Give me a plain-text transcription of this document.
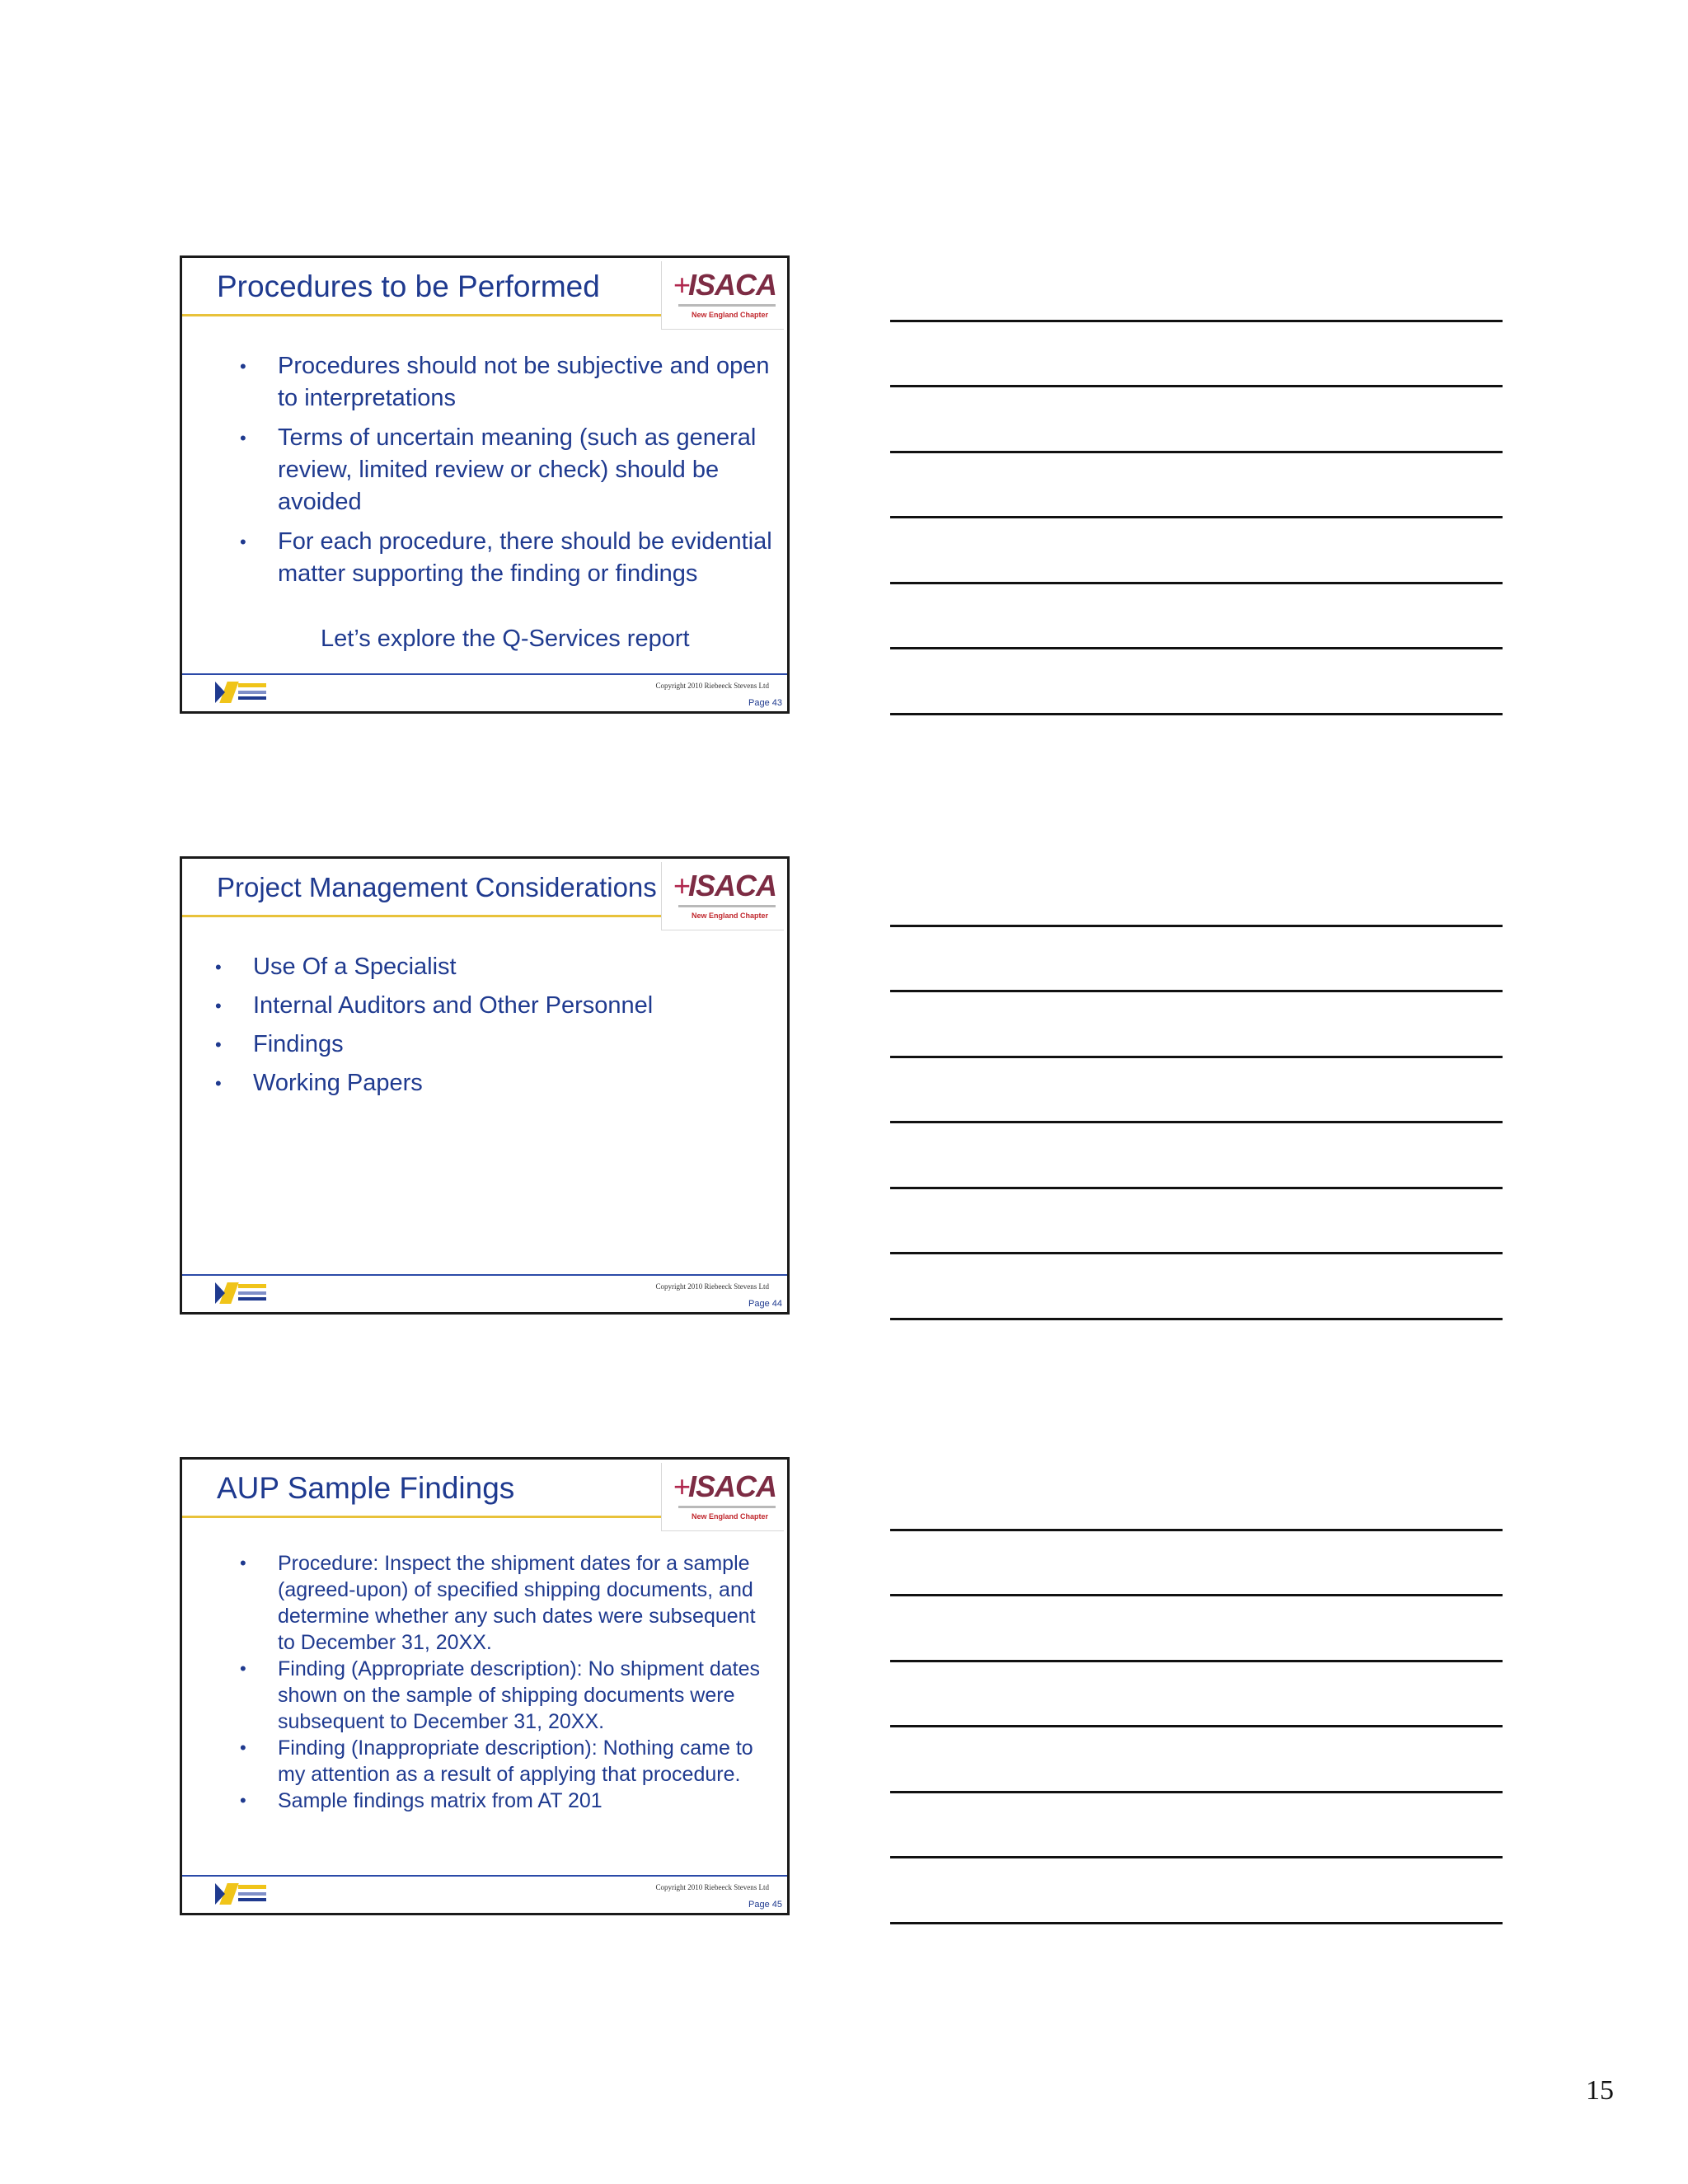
Procedures to be Performed +ISACA
New England Chapter
• Procedures should not be subjective and open to interpretations
• Terms of uncertain meaning (such as general review, limited review or check) should be avoided
• For each procedure, there should be evidential matter supporting the finding or findings
Let’s explore the Q-Services report
Copyright 2010 Riebeeck Stevens Ltd
Page 43
Project Management Considerations +ISACA
New England Chapter
• Use Of a Specialist
• Internal Auditors and Other Personnel
• Findings
• Working Papers
Copyright 2010 Riebeeck Stevens Ltd
Page 44
AUP Sample Findings	+ISACA
New England Chapter
• Procedure: Inspect the shipment dates for a sample (agreed-upon) of specified shipping documents, and determine whether any such dates were subsequent to December 31, 20XX.
• Finding (Appropriate description): No shipment dates shown on the sample of shipping documents were subsequent to December 31, 20XX.
• Finding (Inappropriate description): Nothing came to my attention as a result of applying that procedure.
• Sample findings matrix from AT 201
Copyright 2010 Riebeeck Stevens Ltd
Page 45
15
